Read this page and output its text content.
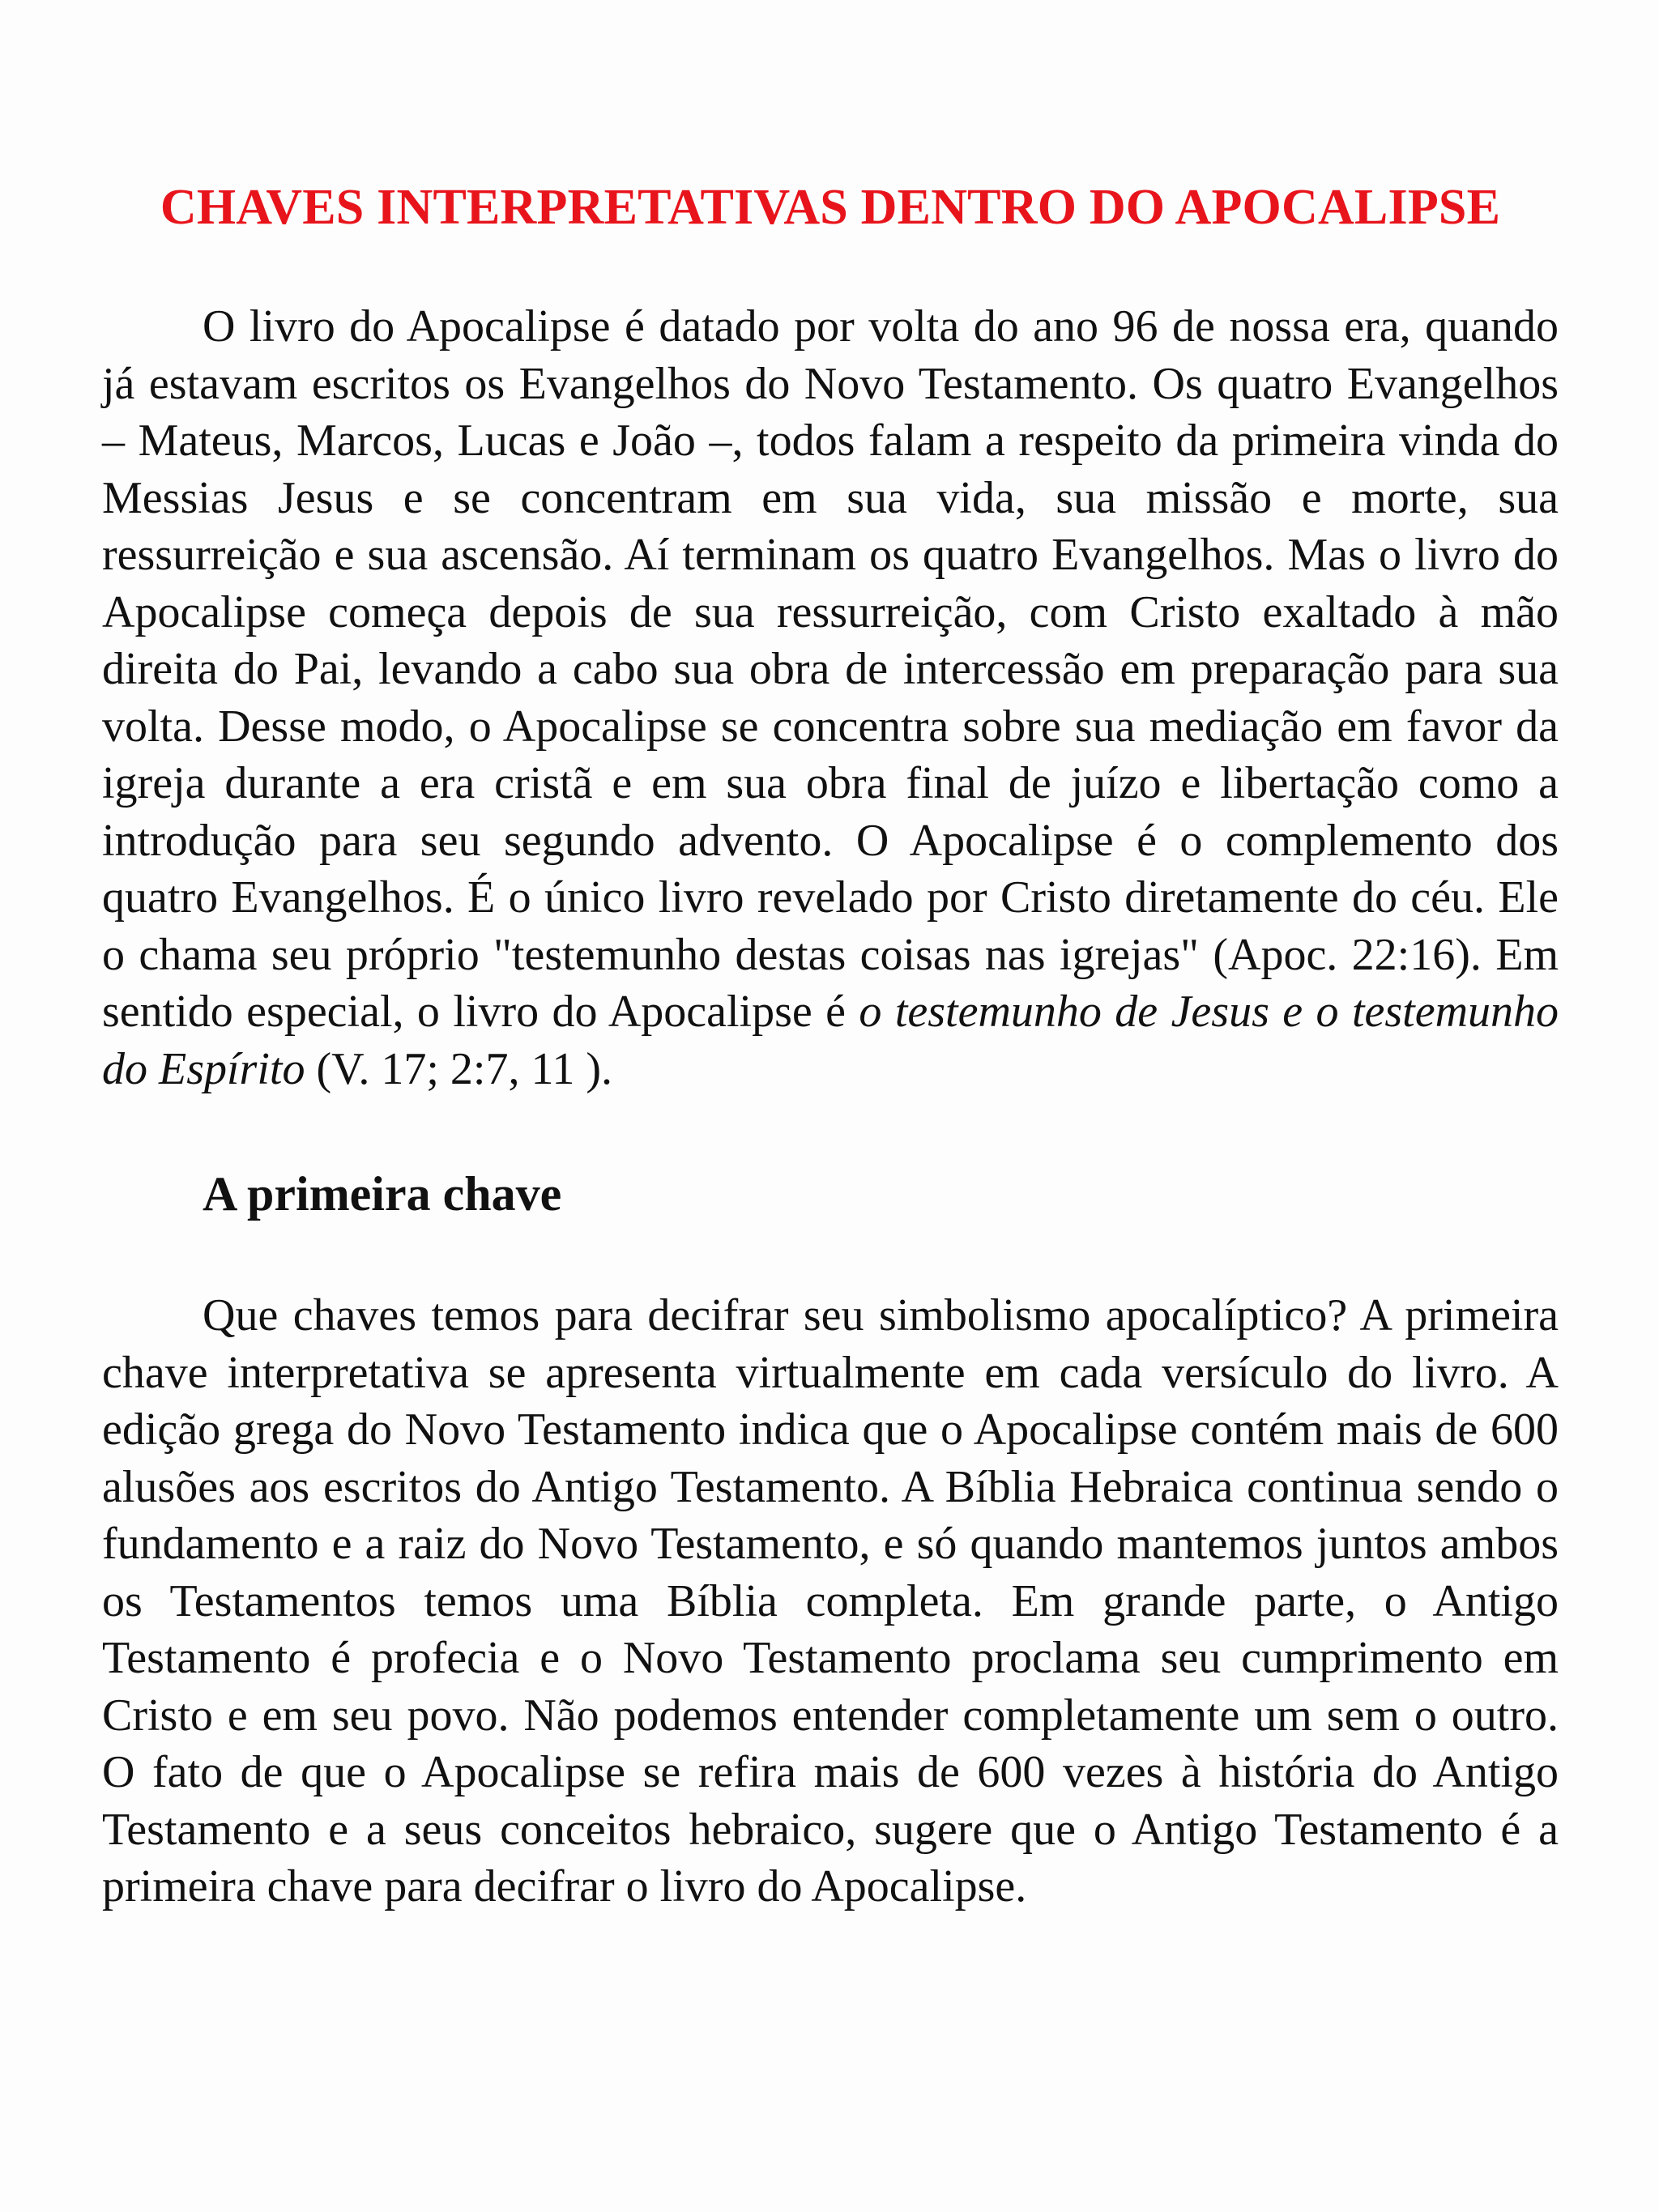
CHAVES INTERPRETATIVAS DENTRO DO APOCALIPSE

O livro do Apocalipse é datado por volta do ano 96 de nossa era, quando já estavam escritos os Evangelhos do Novo Testamento. Os quatro Evangelhos – Mateus, Marcos, Lucas e João –, todos falam a respeito da primeira vinda do Messias Jesus e se concentram em sua vida, sua missão e morte, sua ressurreição e sua ascensão. Aí terminam os quatro Evangelhos. Mas o livro do Apocalipse começa depois de sua ressurreição, com Cristo exaltado à mão direita do Pai, levando a cabo sua obra de intercessão em preparação para sua volta. Desse modo, o Apocalipse se concentra sobre sua mediação em favor da igreja durante a era cristã e em sua obra final de juízo e libertação como a introdução para seu segundo advento. O Apocalipse é o complemento dos quatro Evangelhos. É o único livro revelado por Cristo diretamente do céu. Ele o chama seu próprio "testemunho destas coisas nas igrejas" (Apoc. 22:16). Em sentido especial, o livro do Apocalipse é o testemunho de Jesus e o testemunho do Espírito (V. 17; 2:7, 11 ).

A primeira chave

Que chaves temos para decifrar seu simbolismo apocalíptico? A primeira chave interpretativa se apresenta virtualmente em cada versículo do livro. A edição grega do Novo Testamento indica que o Apocalipse contém mais de 600 alusões aos escritos do Antigo Testamento. A Bíblia Hebraica continua sendo o fundamento e a raiz do Novo Testamento, e só quando mantemos juntos ambos os Testamentos temos uma Bíblia completa. Em grande parte, o Antigo Testamento é profecia e o Novo Testamento proclama seu cumprimento em Cristo e em seu povo. Não podemos entender completamente um sem o outro. O fato de que o Apocalipse se refira mais de 600 vezes à história do Antigo Testamento e a seus conceitos hebraico, sugere que o Antigo Testamento é a primeira chave para decifrar o livro do Apocalipse.
